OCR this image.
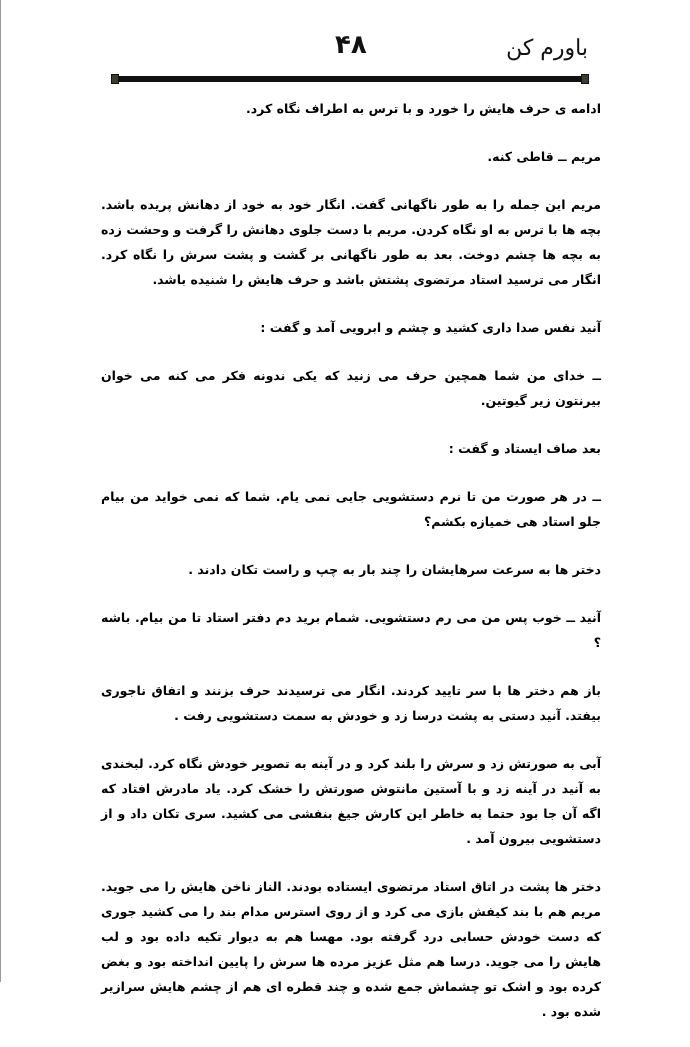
باورم کن
۴۸

ادامه ی حرف هایش را خورد و با ترس به اطراف نگاه کرد.

مریم ــ قاطی کنه.

مریم این جمله را به طور ناگهانی گفت. انگار خود به خود از دهانش پریده باشد. بچه ها با ترس به او نگاه کردن. مریم با دست جلوی دهانش را گرفت و وحشت زده به بچه ها چشم دوخت. بعد به طور ناگهانی بر گشت و پشت سرش را نگاه کرد. انگار می ترسید استاد مرتضوی پشتش باشد و حرف هایش را شنیده باشد.

آنید نفس صدا داری کشید و چشم و ابرویی آمد و گفت :

ــ خدای من شما همچین حرف می زنید که یکی ندونه فکر می کنه می خوان بیرنتون زیر گیوتین.

بعد صاف ایستاد و گفت :

ــ در هر صورت من تا نرم دستشویی جایی نمی یام. شما که نمی خواید من بیام جلو استاد هی خمیازه بکشم؟

دختر ها به سرعت سرهایشان را چند بار به چپ و راست تکان دادند .

آنید ــ خوب پس من می رم دستشویی. شمام برید دم دفتر استاد تا من بیام. باشه ؟

باز هم دختر ها با سر تایید کردند. انگار می ترسیدند حرف بزنند و اتفاق ناجوری بیفتد. آنید دستی به پشت درسا زد و خودش به سمت دستشویی رفت .

آبی به صورتش زد و سرش را بلند کرد و در آینه به تصویر خودش نگاه کرد. لبخندی به آنید در آینه زد و با آستین مانتوش صورتش را خشک کرد. یاد مادرش افتاد که اگه آن جا بود حتما به خاطر این کارش جیغ بنفشی می کشید. سری تکان داد و از دستشویی بیرون آمد .

دختر ها پشت در اتاق استاد مرتضوی ایستاده بودند. الناز ناخن هایش را می جوید. مریم هم با بند کیفش بازی می کرد و از روی استرس مدام بند را می کشید جوری که دست خودش حسابی درد گرفته بود. مهسا هم به دیوار تکیه داده بود و لب هایش را می جوید. درسا هم مثل عزیز مرده ها سرش را پایین انداخته بود و بغض کرده بود و اشک تو چشماش جمع شده و چند قطره ای هم از چشم هایش سرازیر شده بود .
